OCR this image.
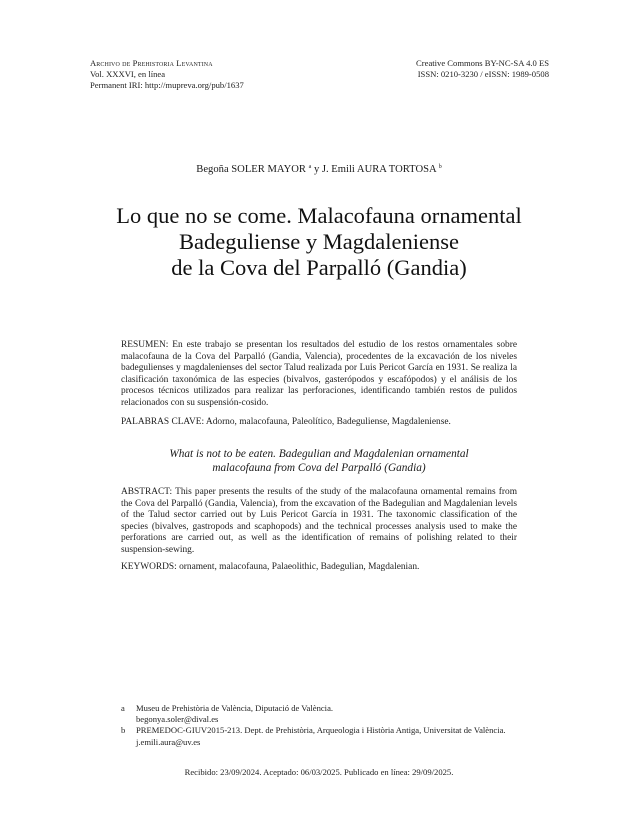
Archivo de Prehistoria Levantina
Vol. XXXVI, en línea
Permanent IRI: http://mupreva.org/pub/1637
Creative Commons BY-NC-SA 4.0 ES
ISSN: 0210-3230 / eISSN: 1989-0508
Begoña SOLER MAYOR $^a$ y J. Emili AURA TORTOSA $^b$
Lo que no se come. Malacofauna ornamental
Badeguliense y Magdaleniense
de la Cova del Parpalló (Gandia)
RESUMEN: En este trabajo se presentan los resultados del estudio de los restos ornamentales sobre malacofauna de la Cova del Parpalló (Gandia, Valencia), procedentes de la excavación de los niveles badegulienses y magdalenienses del sector Talud realizada por Luis Pericot García en 1931. Se realiza la clasificación taxonómica de las especies (bivalvos, gasterópodos y escafópodos) y el análisis de los procesos técnicos utilizados para realizar las perforaciones, identificando también restos de pulidos relacionados con su suspensión-cosido.
PALABRAS CLAVE: Adorno, malacofauna, Paleolítico, Badeguliense, Magdaleniense.
What is not to be eaten. Badegulian and Magdalenian ornamental
malacofauna from Cova del Parpalló (Gandia)
ABSTRACT: This paper presents the results of the study of the malacofauna ornamental remains from the Cova del Parpalló (Gandia, Valencia), from the excavation of the Badegulian and Magdalenian levels of the Talud sector carried out by Luis Pericot García in 1931. The taxonomic classification of the species (bivalves, gastropods and scaphopods) and the technical processes analysis used to make the perforations are carried out, as well as the identification of remains of polishing related to their suspension-sewing.
KEYWORDS: ornament, malacofauna, Palaeolithic, Badegulian, Magdalenian.
a	Museu de Prehistòria de València, Diputació de València.
begonya.soler@dival.es
b	PREMEDOC-GIUV2015-213. Dept. de Prehistòria, Arqueologia i Història Antiga, Universitat de València.
j.emili.aura@uv.es
Recibido: 23/09/2024. Aceptado: 06/03/2025. Publicado en línea: 29/09/2025.
